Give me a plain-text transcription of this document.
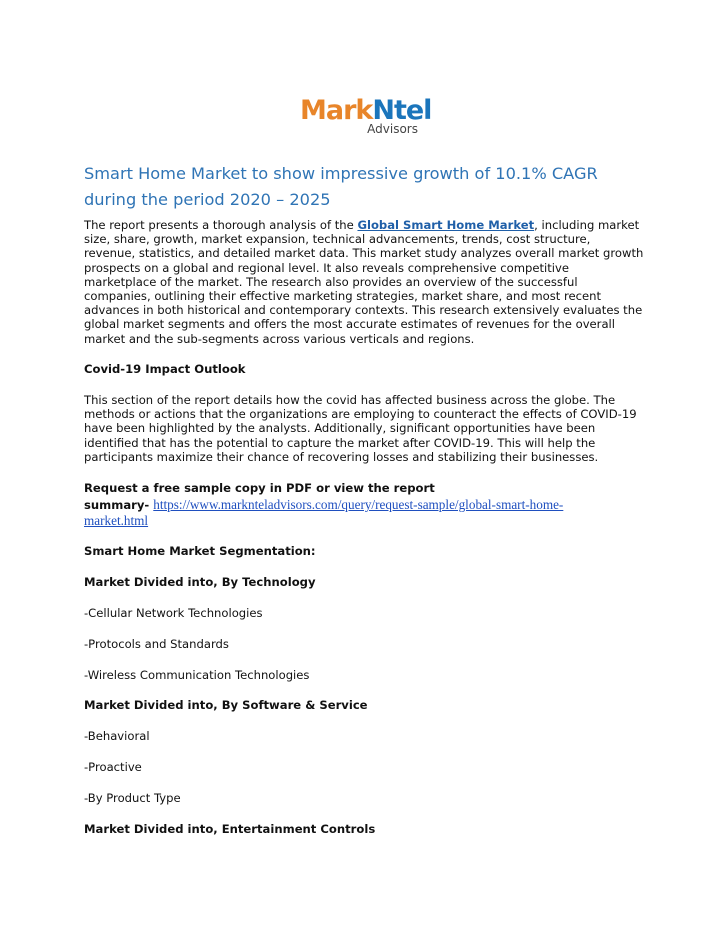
MarkNtel
Advisors
Smart Home Market to show impressive growth of 10.1% CAGR during the period 2020 – 2025

The report presents a thorough analysis of the Global Smart Home Market, including market size, share, growth, market expansion, technical advancements, trends, cost structure, revenue, statistics, and detailed market data. This market study analyzes overall market growth prospects on a global and regional level. It also reveals comprehensive competitive marketplace of the market. The research also provides an overview of the successful companies, outlining their effective marketing strategies, market share, and most recent advances in both historical and contemporary contexts. This research extensively evaluates the global market segments and offers the most accurate estimates of revenues for the overall market and the sub-segments across various verticals and regions.

Covid-19 Impact Outlook

This section of the report details how the covid has affected business across the globe. The methods or actions that the organizations are employing to counteract the effects of COVID-19 have been highlighted by the analysts. Additionally, significant opportunities have been identified that has the potential to capture the market after COVID-19. This will help the participants maximize their chance of recovering losses and stabilizing their businesses.

Request a free sample copy in PDF or view the report
summary- https://www.marknteladvisors.com/query/request-sample/global-smart-home-
market.html
Smart Home Market Segmentation:
Market Divided into, By Technology
-Cellular Network Technologies
-Protocols and Standards
-Wireless Communication Technologies
Market Divided into, By Software & Service
-Behavioral
-Proactive
-By Product Type
Market Divided into, Entertainment Controls
